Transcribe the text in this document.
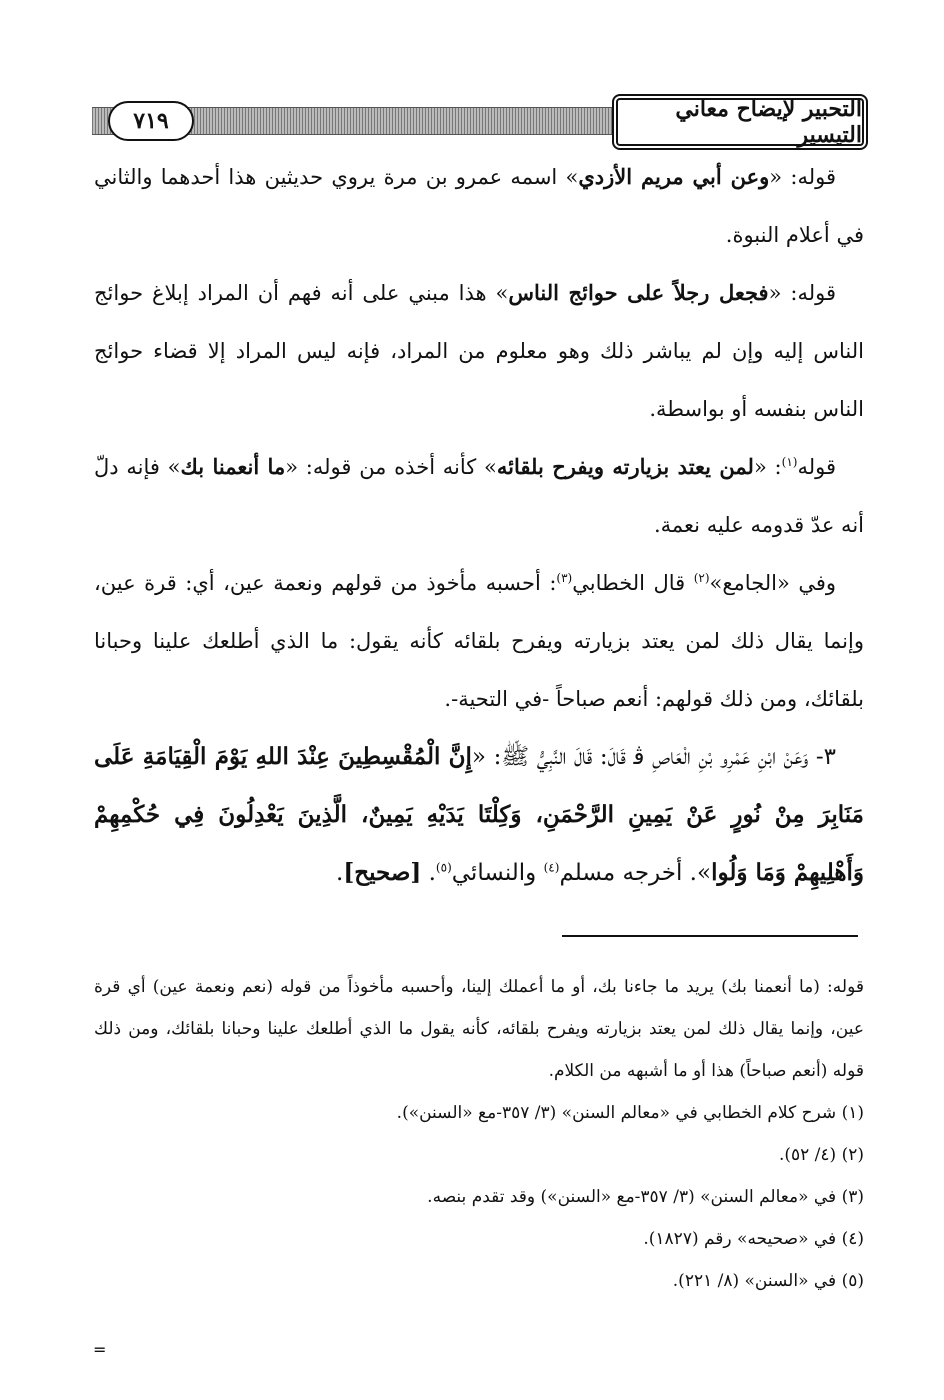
التحبير لإيضاح معاني التيسير
٧١٩

قوله: «وعن أبي مريم الأزدي» اسمه عمرو بن مرة يروي حديثين هذا أحدهما والثاني في أعلام النبوة.

قوله: «فجعل رجلاً على حوائج الناس» هذا مبني على أنه فهم أن المراد إبلاغ حوائج الناس إليه وإن لم يباشر ذلك وهو معلوم من المراد، فإنه ليس المراد إلا قضاء حوائج الناس بنفسه أو بواسطة.

قوله$^{(١)}$: «لمن يعتد بزيارته ويفرح بلقائه» كأنه أخذه من قوله: «ما أنعمنا بك» فإنه دلّ أنه عدّ قدومه عليه نعمة.

وفي «الجامع»$^{(٢)}$ قال الخطابي$^{(٣)}$: أحسبه مأخوذ من قولهم ونعمة عين، أي: قرة عين، وإنما يقال ذلك لمن يعتد بزيارته ويفرح بلقائه كأنه يقول: ما الذي أطلعك علينا وحبانا بلقائك، ومن ذلك قولهم: أنعم صباحاً -في التحية-.

٣- وَعَنْ ابْنِ عَمْرِو بْنِ الْعَاصِ ﭬ قَالَ: قَالَ النَّبِيُّ ﷺ: «إِنَّ الْمُقْسِطِينَ عِنْدَ اللهِ يَوْمَ الْقِيَامَةِ عَلَى مَنَابِرَ مِنْ نُورٍ عَنْ يَمِينِ الرَّحْمَنِ، وَكِلْتَا يَدَيْهِ يَمِينٌ، الَّذِينَ يَعْدِلُونَ فِي حُكْمِهِمْ وَأَهْلِيهِمْ وَمَا وَلُوا». أخرجه مسلم$^{(٤)}$ والنسائي$^{(٥)}$. [صحيح].

قوله: (ما أنعمنا بك) يريد ما جاءنا بك، أو ما أعملك إلينا، وأحسبه مأخوذاً من قوله (نعم ونعمة عين) أي قرة عين، وإنما يقال ذلك لمن يعتد بزيارته ويفرح بلقائه، كأنه يقول ما الذي أطلعك علينا وحبانا بلقائك، ومن ذلك قوله (أنعم صباحاً) هذا أو ما أشبهه من الكلام.

(١) شرح كلام الخطابي في «معالم السنن» (٣/ ٣٥٧-مع «السنن»).

(٢) (٤/ ٥٢).

(٣) في «معالم السنن» (٣/ ٣٥٧-مع «السنن») وقد تقدم بنصه.

(٤) في «صحيحه» رقم (١٨٢٧).

(٥) في «السنن» (٨/ ٢٢١).

=
